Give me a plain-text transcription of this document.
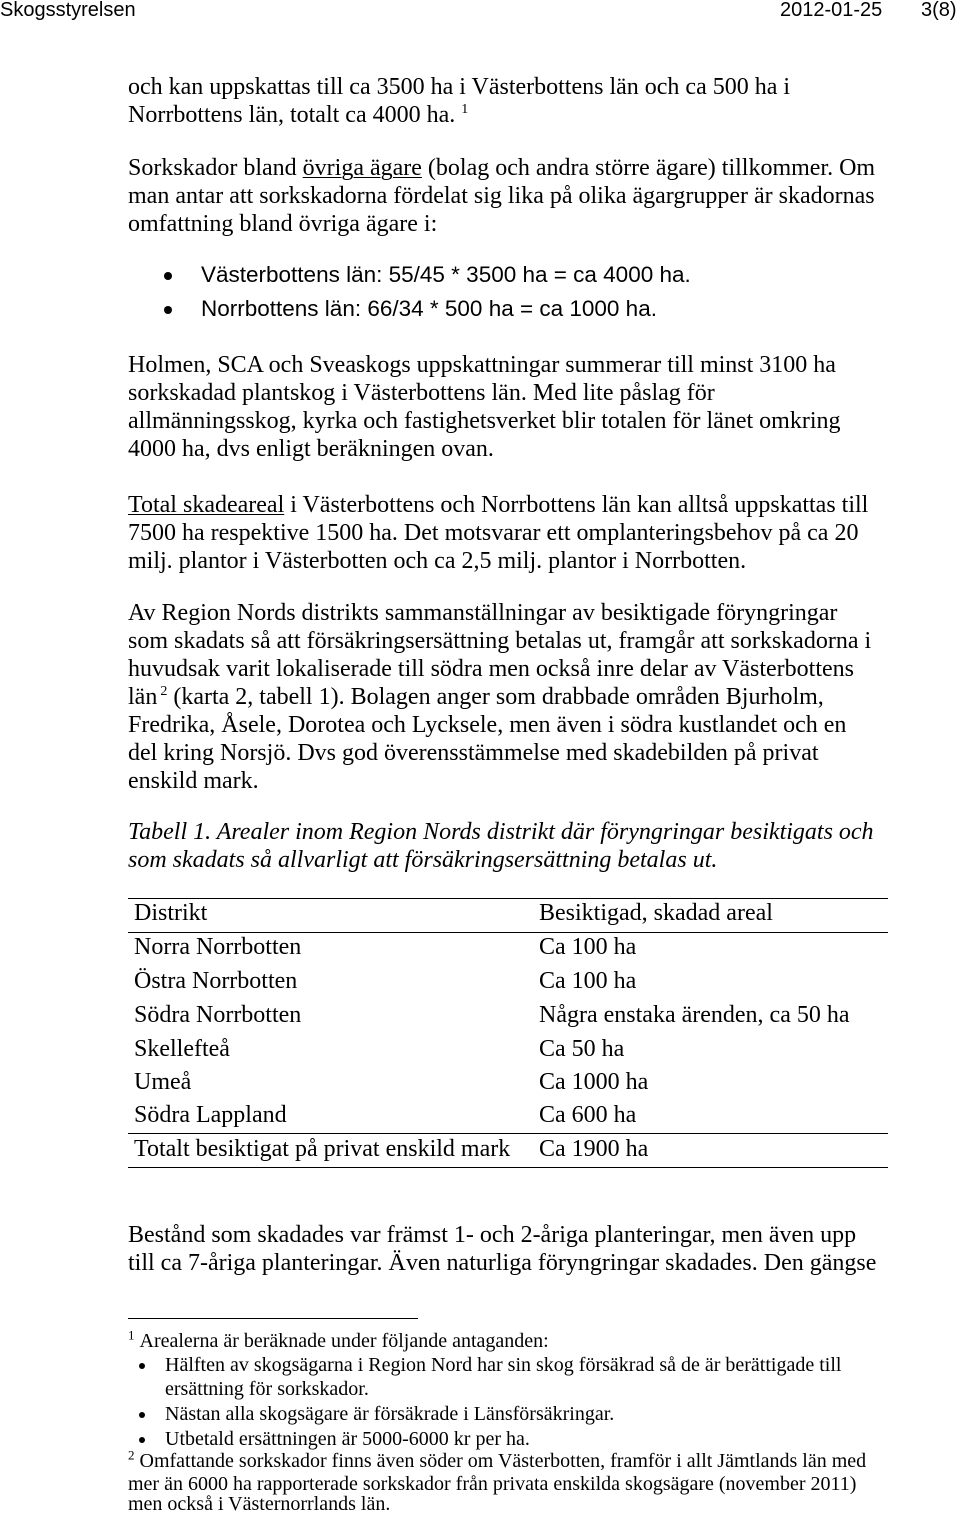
Skogsstyrelsen	2012-01-25 3(8)
och kan uppskattas till ca 3500 ha i Västerbottens län och ca 500 ha i
Norrbottens län, totalt ca 4000 ha. $^1$
Sorkskador bland övriga ägare (bolag och andra större ägare) tillkommer. Om
man antar att sorkskadorna fördelat sig lika på olika ägargrupper är skadornas
omfattning bland övriga ägare i:
Västerbottens län: 55/45 * 3500 ha = ca 4000 ha.
Norrbottens län: 66/34 * 500 ha = ca 1000 ha.
Holmen, SCA och Sveaskogs uppskattningar summerar till minst 3100 ha
sorkskadad plantskog i Västerbottens län. Med lite påslag för
allmänningsskog, kyrka och fastighetsverket blir totalen för länet omkring
4000 ha, dvs enligt beräkningen ovan.
Total skadeareal i Västerbottens och Norrbottens län kan alltså uppskattas till
7500 ha respektive 1500 ha. Det motsvarar ett omplanteringsbehov på ca 20
milj. plantor i Västerbotten och ca 2,5 milj. plantor i Norrbotten.
Av Region Nords distrikts sammanställningar av besiktigade föryngringar
som skadats så att försäkringsersättning betalas ut, framgår att sorkskadorna i
huvudsak varit lokaliserade till södra men också inre delar av Västerbottens
län $^2$ (karta 2, tabell 1). Bolagen anger som drabbade områden Bjurholm,
Fredrika, Åsele, Dorotea och Lycksele, men även i södra kustlandet och en
del kring Norsjö. Dvs god överensstämmelse med skadebilden på privat
enskild mark.
Tabell 1. Arealer inom Region Nords distrikt där föryngringar besiktigats och
som skadats så allvarligt att försäkringsersättning betalas ut.
Distrikt	Besiktigad, skadad areal
Norra Norrbotten	Ca 100 ha
Östra Norrbotten	Ca 100 ha
Södra Norrbotten	Några enstaka ärenden, ca 50 ha
Skellefteå	Ca 50 ha
Umeå	Ca 1000 ha
Södra Lappland	Ca 600 ha
Totalt besiktigat på privat enskild mark Ca 1900 ha
Bestånd som skadades var främst 1- och 2-åriga planteringar, men även upp
till ca 7-åriga planteringar. Även naturliga föryngringar skadades. Den gängse
$^1$ Arealerna är beräknade under följande antaganden:
Hälften av skogsägarna i Region Nord har sin skog försäkrad så de är berättigade till
ersättning för sorkskador.
Nästan alla skogsägare är försäkrade i Länsförsäkringar.
Utbetald ersättningen är 5000-6000 kr per ha.
$^2$ Omfattande sorkskador finns även söder om Västerbotten, framför i allt Jämtlands län med
mer än 6000 ha rapporterade sorkskador från privata enskilda skogsägare (november 2011)
men också i Västernorrlands län.
